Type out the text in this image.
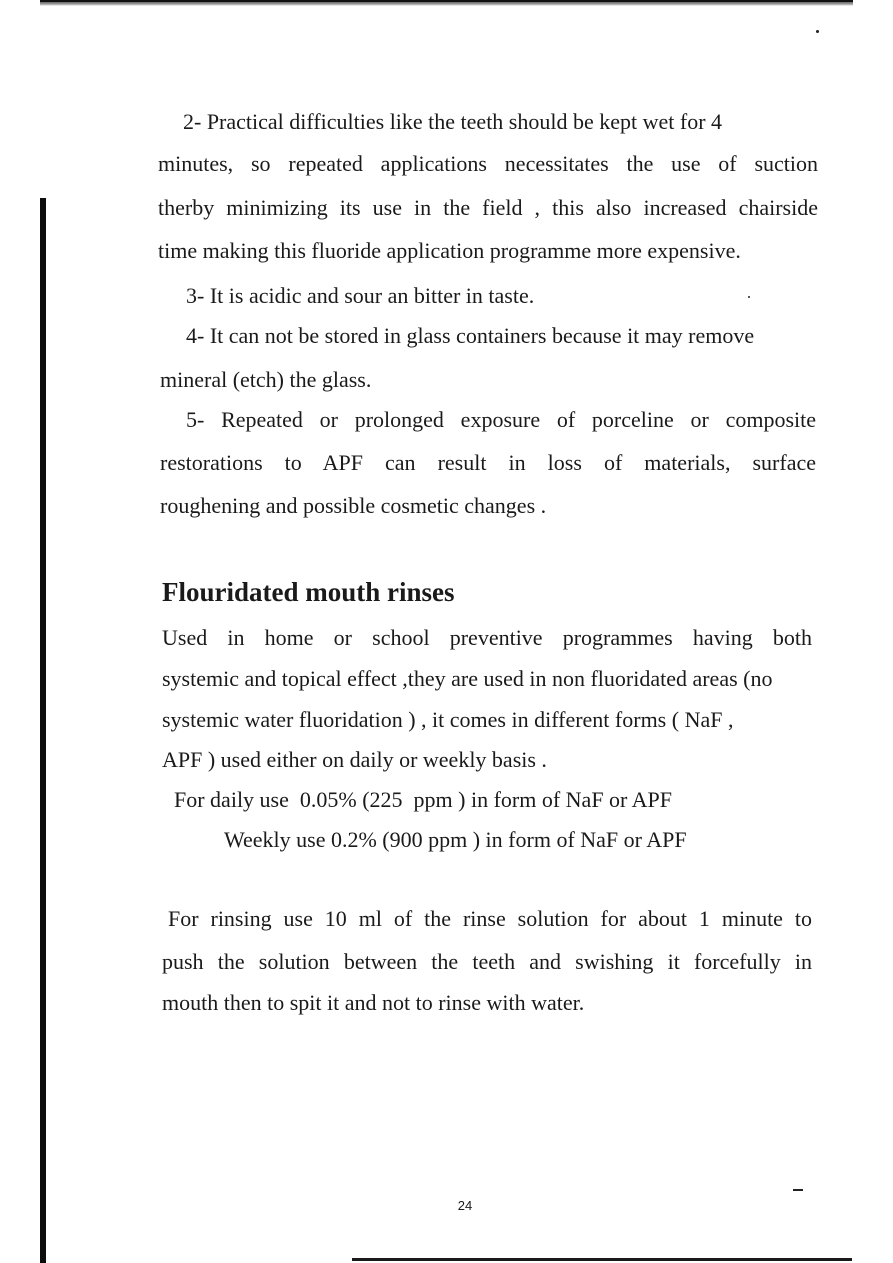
2- Practical difficulties like the teeth should be kept wet for 4

minutes, so repeated applications necessitates the use of suction

therby minimizing its use in the field , this also increased chairside

time making this fluoride application programme more expensive.

3- It is acidic and sour an bitter in taste.

4- It can not be stored in glass containers because it may remove

mineral (etch) the glass.

5- Repeated or prolonged exposure of porceline or composite

restorations to APF can result in loss of materials, surface

roughening and possible cosmetic changes .

Flouridated mouth rinses

Used in home or school preventive programmes having both

systemic and topical effect ,they are used in non fluoridated areas (no

systemic water fluoridation ) , it comes in different forms ( NaF ,

APF ) used either on daily or weekly basis .

For daily use  0.05% (225  ppm ) in form of NaF or APF

Weekly use 0.2% (900 ppm ) in form of NaF or APF

For rinsing use 10 ml of the rinse solution for about 1 minute to

push the solution between the teeth and swishing it forcefully in

mouth then to spit it and not to rinse with water.

24
